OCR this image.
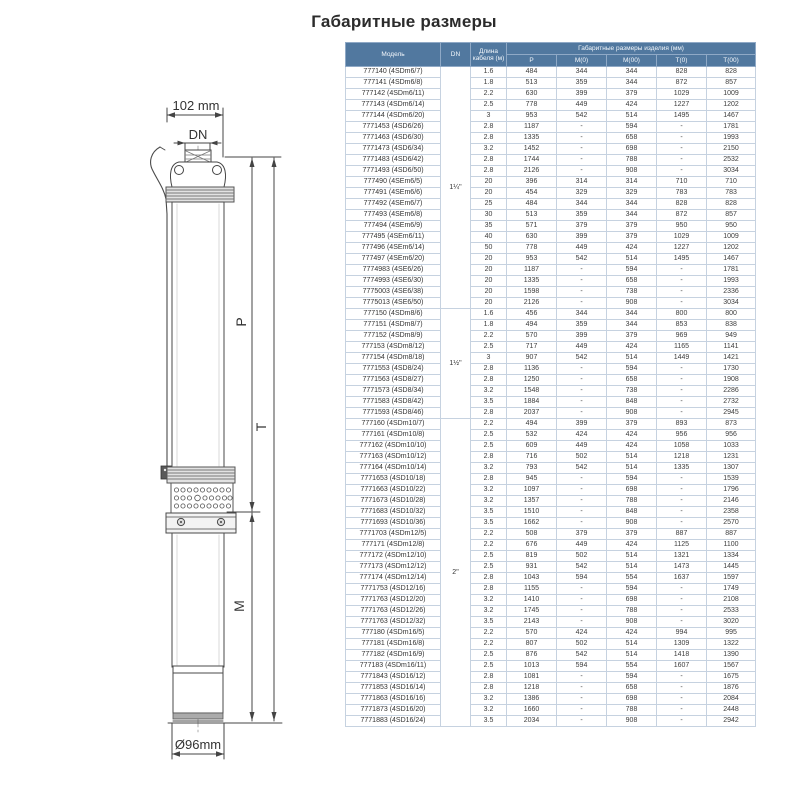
Габаритные размеры
102 mm
DN
P
M
T
Ø96mm
Модель	DN	Длина кабеля (м)	Габаритные размеры изделия (мм)				
			P	M(0)	M(00)	T(0)	T(00)
777140 (4SDm6/7)	1¼"	1.6	484	344	344	828	828
777141 (4SDm6/8)		1.8	513	359	344	872	857
777142 (4SDm6/11)		2.2	630	399	379	1029	1009
777143 (4SDm6/14)		2.5	778	449	424	1227	1202
777144 (4SDm6/20)		3	953	542	514	1495	1467
7771453 (4SD6/26)		2.8	1187	-	594	-	1781
7771463 (4SD6/30)		2.8	1335	-	658	-	1993
7771473 (4SD6/34)		3.2	1452	-	698	-	2150
7771483 (4SD6/42)		2.8	1744	-	788	-	2532
7771493 (4SD6/50)		2.8	2126	-	908	-	3034
777490 (4SEm6/5)		20	396	314	314	710	710
777491 (4SEm6/6)		20	454	329	329	783	783
777492 (4SEm6/7)		25	484	344	344	828	828
777493 (4SEm6/8)		30	513	359	344	872	857
777494 (4SEm6/9)		35	571	379	379	950	950
777495 (4SEm6/11)		40	630	399	379	1029	1009
777496 (4SEm6/14)		50	778	449	424	1227	1202
777497 (4SEm6/20)		20	953	542	514	1495	1467
7774983 (4SE6/26)		20	1187	-	594	-	1781
7774993 (4SE6/30)		20	1335	-	658	-	1993
7775003 (4SE6/38)		20	1598	-	738	-	2336
7775013 (4SE6/50)		20	2126	-	908	-	3034
777150 (4SDm8/6)	1½"	1.6	456	344	344	800	800
777151 (4SDm8/7)		1.8	494	359	344	853	838
777152 (4SDm8/9)		2.2	570	399	379	969	949
777153 (4SDm8/12)		2.5	717	449	424	1165	1141
777154 (4SDm8/18)		3	907	542	514	1449	1421
7771553 (4SD8/24)		2.8	1136	-	594	-	1730
7771563 (4SD8/27)		2.8	1250	-	658	-	1908
7771573 (4SD8/34)		3.2	1548	-	738	-	2286
7771583 (4SD8/42)		3.5	1884	-	848	-	2732
7771593 (4SD8/46)		2.8	2037	-	908	-	2945
777160 (4SDm10/7)	2"	2.2	494	399	379	893	873
777161 (4SDm10/8)		2.5	532	424	424	956	956
777162 (4SDm10/10)		2.5	609	449	424	1058	1033
777163 (4SDm10/12)		2.8	716	502	514	1218	1231
777164 (4SDm10/14)		3.2	793	542	514	1335	1307
7771653 (4SD10/18)		2.8	945	-	594	-	1539
7771663 (4SD10/22)		3.2	1097	-	698	-	1796
7771673 (4SD10/28)		3.2	1357	-	788	-	2146
7771683 (4SD10/32)		3.5	1510	-	848	-	2358
7771693 (4SD10/36)		3.5	1662	-	908	-	2570
7771703 (4SDm12/5)		2.2	508	379	379	887	887
777171 (4SDm12/8)		2.2	676	449	424	1125	1100
777172 (4SDm12/10)		2.5	819	502	514	1321	1334
777173 (4SDm12/12)		2.5	931	542	514	1473	1445
777174 (4SDm12/14)		2.8	1043	594	554	1637	1597
7771753 (4SD12/16)		2.8	1155	-	594	-	1749
7771763 (4SD12/20)		3.2	1410	-	698	-	2108
7771763 (4SD12/26)		3.2	1745	-	788	-	2533
7771763 (4SD12/32)		3.5	2143	-	908	-	3020
777180 (4SDm16/5)		2.2	570	424	424	994	995
777181 (4SDm16/8)		2.2	807	502	514	1309	1322
777182 (4SDm16/9)		2.5	876	542	514	1418	1390
777183 (4SDm16/11)		2.5	1013	594	554	1607	1567
7771843 (4SD16/12)		2.8	1081	-	594	-	1675
7771853 (4SD16/14)		2.8	1218	-	658	-	1876
7771863 (4SD16/16)		3.2	1386	-	698	-	2084
7771873 (4SD16/20)		3.2	1660	-	788	-	2448
7771883 (4SD16/24)		3.5	2034	-	908	-	2942
